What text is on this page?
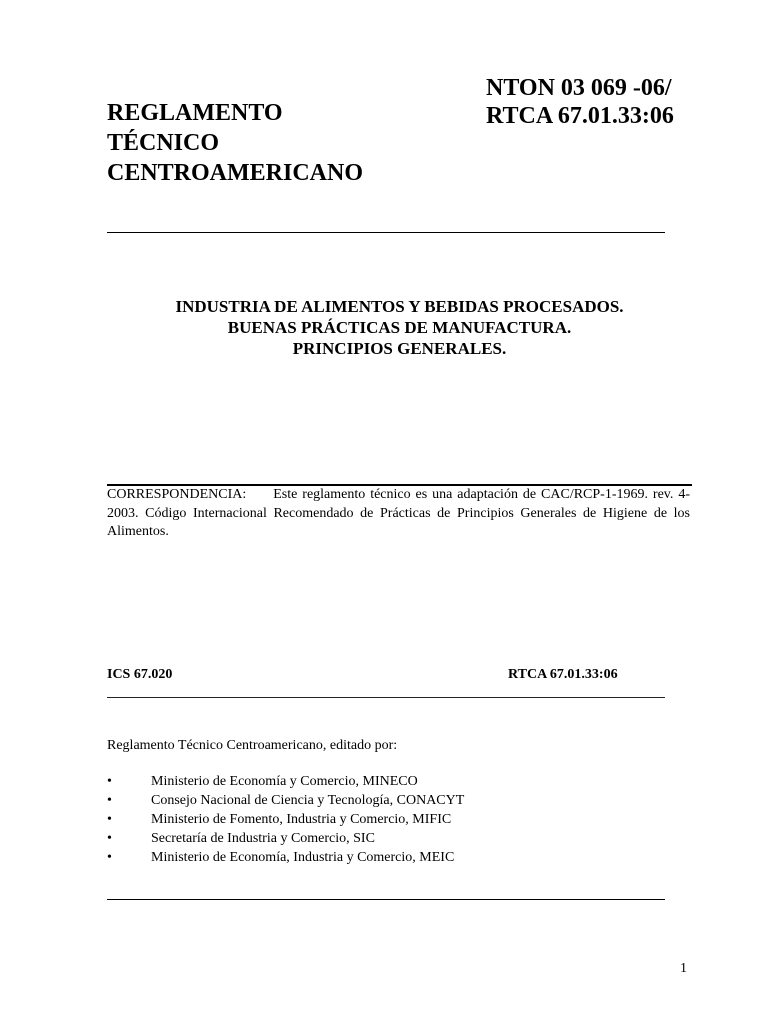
REGLAMENTO
TÉCNICO
CENTROAMERICANO
NTON 03 069 -06/
RTCA 67.01.33:06
INDUSTRIA DE ALIMENTOS Y BEBIDAS PROCESADOS.
BUENAS PRÁCTICAS DE MANUFACTURA.
PRINCIPIOS GENERALES.
CORRESPONDENCIA: Este reglamento técnico es una adaptación de CAC/RCP-1-1969. rev. 4-2003. Código Internacional Recomendado de Prácticas de Principios Generales de Higiene de los Alimentos.
ICS 67.020	RTCA 67.01.33:06
Reglamento Técnico Centroamericano, editado por:
•	Ministerio de Economía y Comercio, MINECO
•	Consejo Nacional de Ciencia y Tecnología, CONACYT
•	Ministerio de Fomento, Industria y Comercio, MIFIC
•	Secretaría de Industria y Comercio, SIC
•	Ministerio de Economía, Industria y Comercio, MEIC
1
